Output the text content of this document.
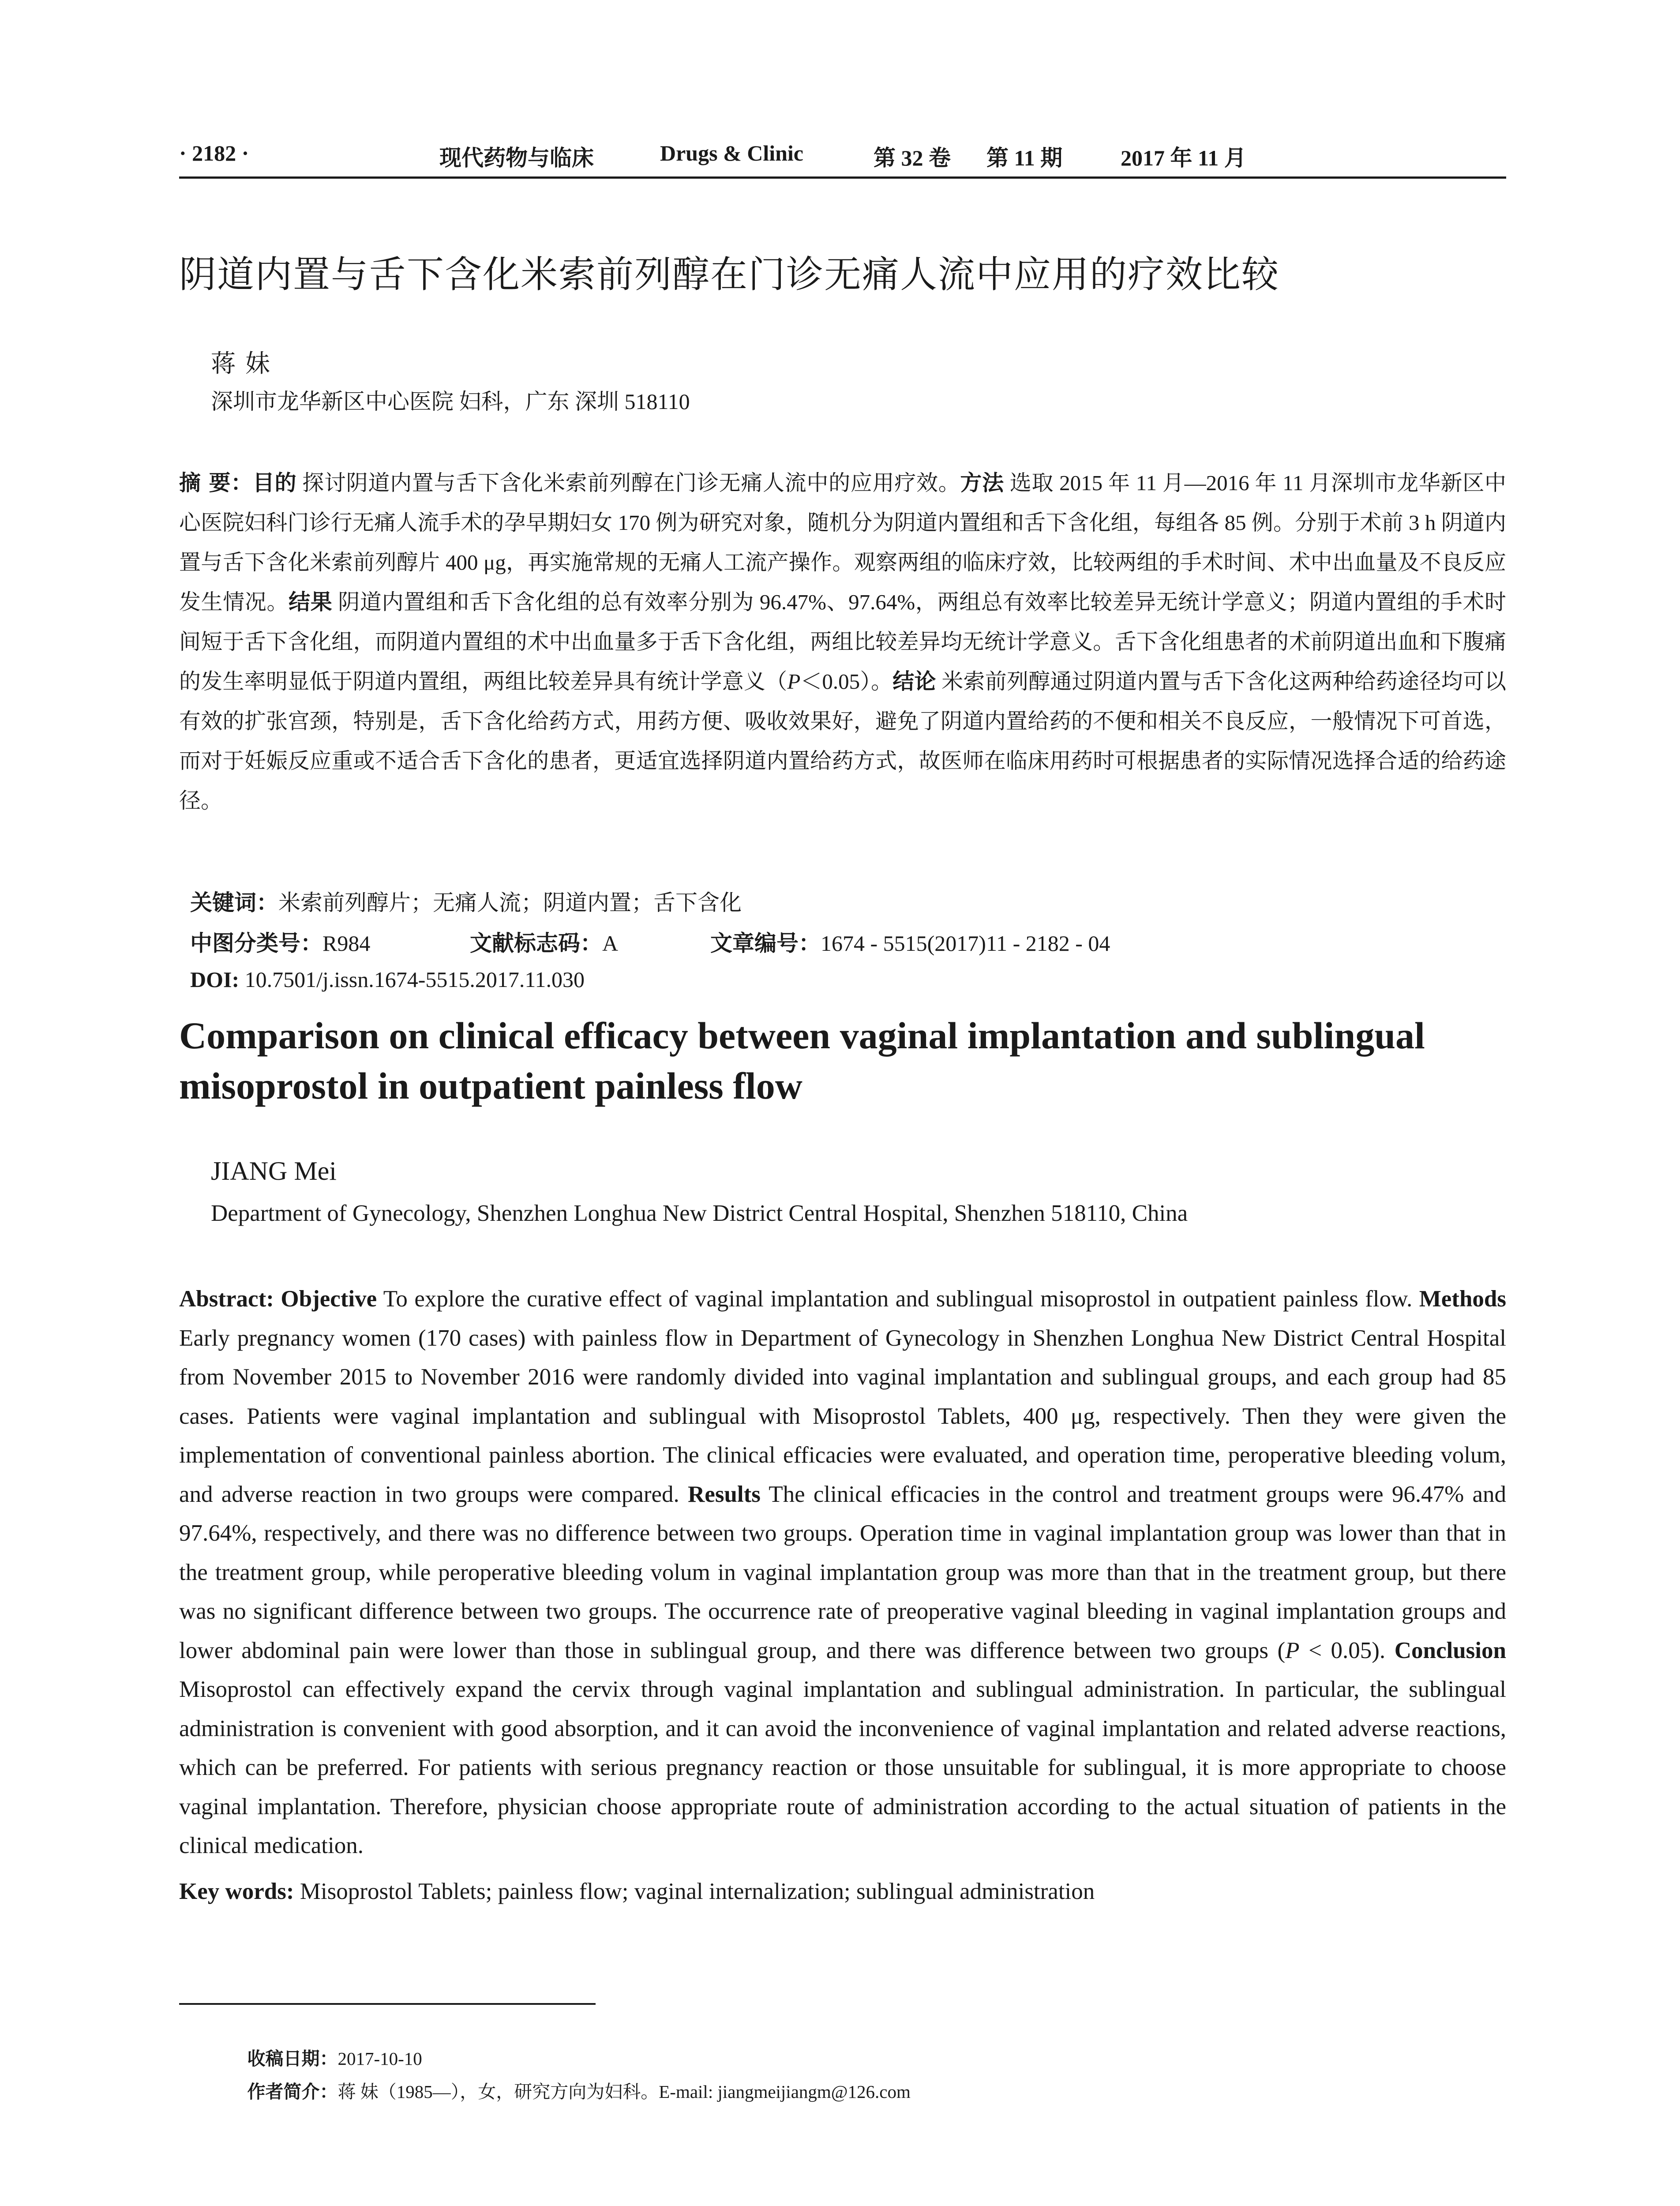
· 2182 ·	现代药物与临床	Drugs & Clinic	第 32 卷 第 11 期	2017 年 11 月
阴道内置与舌下含化米索前列醇在门诊无痛人流中应用的疗效比较
蒋 妹
深圳市龙华新区中心医院 妇科，广东 深圳 518110
摘 要：目的 探讨阴道内置与舌下含化米索前列醇在门诊无痛人流中的应用疗效。方法 选取 2015 年 11 月—2016 年 11 月深圳市龙华新区中心医院妇科门诊行无痛人流手术的孕早期妇女 170 例为研究对象，随机分为阴道内置组和舌下含化组，每组各 85 例。分别于术前 3 h 阴道内置与舌下含化米索前列醇片 400 μg，再实施常规的无痛人工流产操作。观察两组的临床疗效，比较两组的手术时间、术中出血量及不良反应发生情况。结果 阴道内置组和舌下含化组的总有效率分别为 96.47%、97.64%，两组总有效率比较差异无统计学意义；阴道内置组的手术时间短于舌下含化组，而阴道内置组的术中出血量多于舌下含化组，两组比较差异均无统计学意义。舌下含化组患者的术前阴道出血和下腹痛的发生率明显低于阴道内置组，两组比较差异具有统计学意义（P＜0.05）。结论 米索前列醇通过阴道内置与舌下含化这两种给药途径均可以有效的扩张宫颈，特别是，舌下含化给药方式，用药方便、吸收效果好，避免了阴道内置给药的不便和相关不良反应，一般情况下可首选，而对于妊娠反应重或不适合舌下含化的患者，更适宜选择阴道内置给药方式，故医师在临床用药时可根据患者的实际情况选择合适的给药途径。

关键词：米索前列醇片；无痛人流；阴道内置；舌下含化

中图分类号：R984	文献标志码：A	文章编号：1674 - 5515(2017)11 - 2182 - 04

DOI: 10.7501/j.issn.1674-5515.2017.11.030

Comparison on clinical efficacy between vaginal implantation and sublingual misoprostol in outpatient painless flow
JIANG Mei
Department of Gynecology, Shenzhen Longhua New District Central Hospital, Shenzhen 518110, China
Abstract: Objective To explore the curative effect of vaginal implantation and sublingual misoprostol in outpatient painless flow. Methods Early pregnancy women (170 cases) with painless flow in Department of Gynecology in Shenzhen Longhua New District Central Hospital from November 2015 to November 2016 were randomly divided into vaginal implantation and sublingual groups, and each group had 85 cases. Patients were vaginal implantation and sublingual with Misoprostol Tablets, 400 μg, respectively. Then they were given the implementation of conventional painless abortion. The clinical efficacies were evaluated, and operation time, peroperative bleeding volum, and adverse reaction in two groups were compared. Results The clinical efficacies in the control and treatment groups were 96.47% and 97.64%, respectively, and there was no difference between two groups. Operation time in vaginal implantation group was lower than that in the treatment group, while peroperative bleeding volum in vaginal implantation group was more than that in the treatment group, but there was no significant difference between two groups. The occurrence rate of preoperative vaginal bleeding in vaginal implantation groups and lower abdominal pain were lower than those in sublingual group, and there was difference between two groups (P < 0.05). Conclusion Misoprostol can effectively expand the cervix through vaginal implantation and sublingual administration. In particular, the sublingual administration is convenient with good absorption, and it can avoid the inconvenience of vaginal implantation and related adverse reactions, which can be preferred. For patients with serious pregnancy reaction or those unsuitable for sublingual, it is more appropriate to choose vaginal implantation. Therefore, physician choose appropriate route of administration according to the actual situation of patients in the clinical medication.
Key words: Misoprostol Tablets; painless flow; vaginal internalization; sublingual administration

收稿日期：2017-10-10

作者简介：蒋 妹（1985—），女，研究方向为妇科。E-mail: jiangmeijiangm@126.com
